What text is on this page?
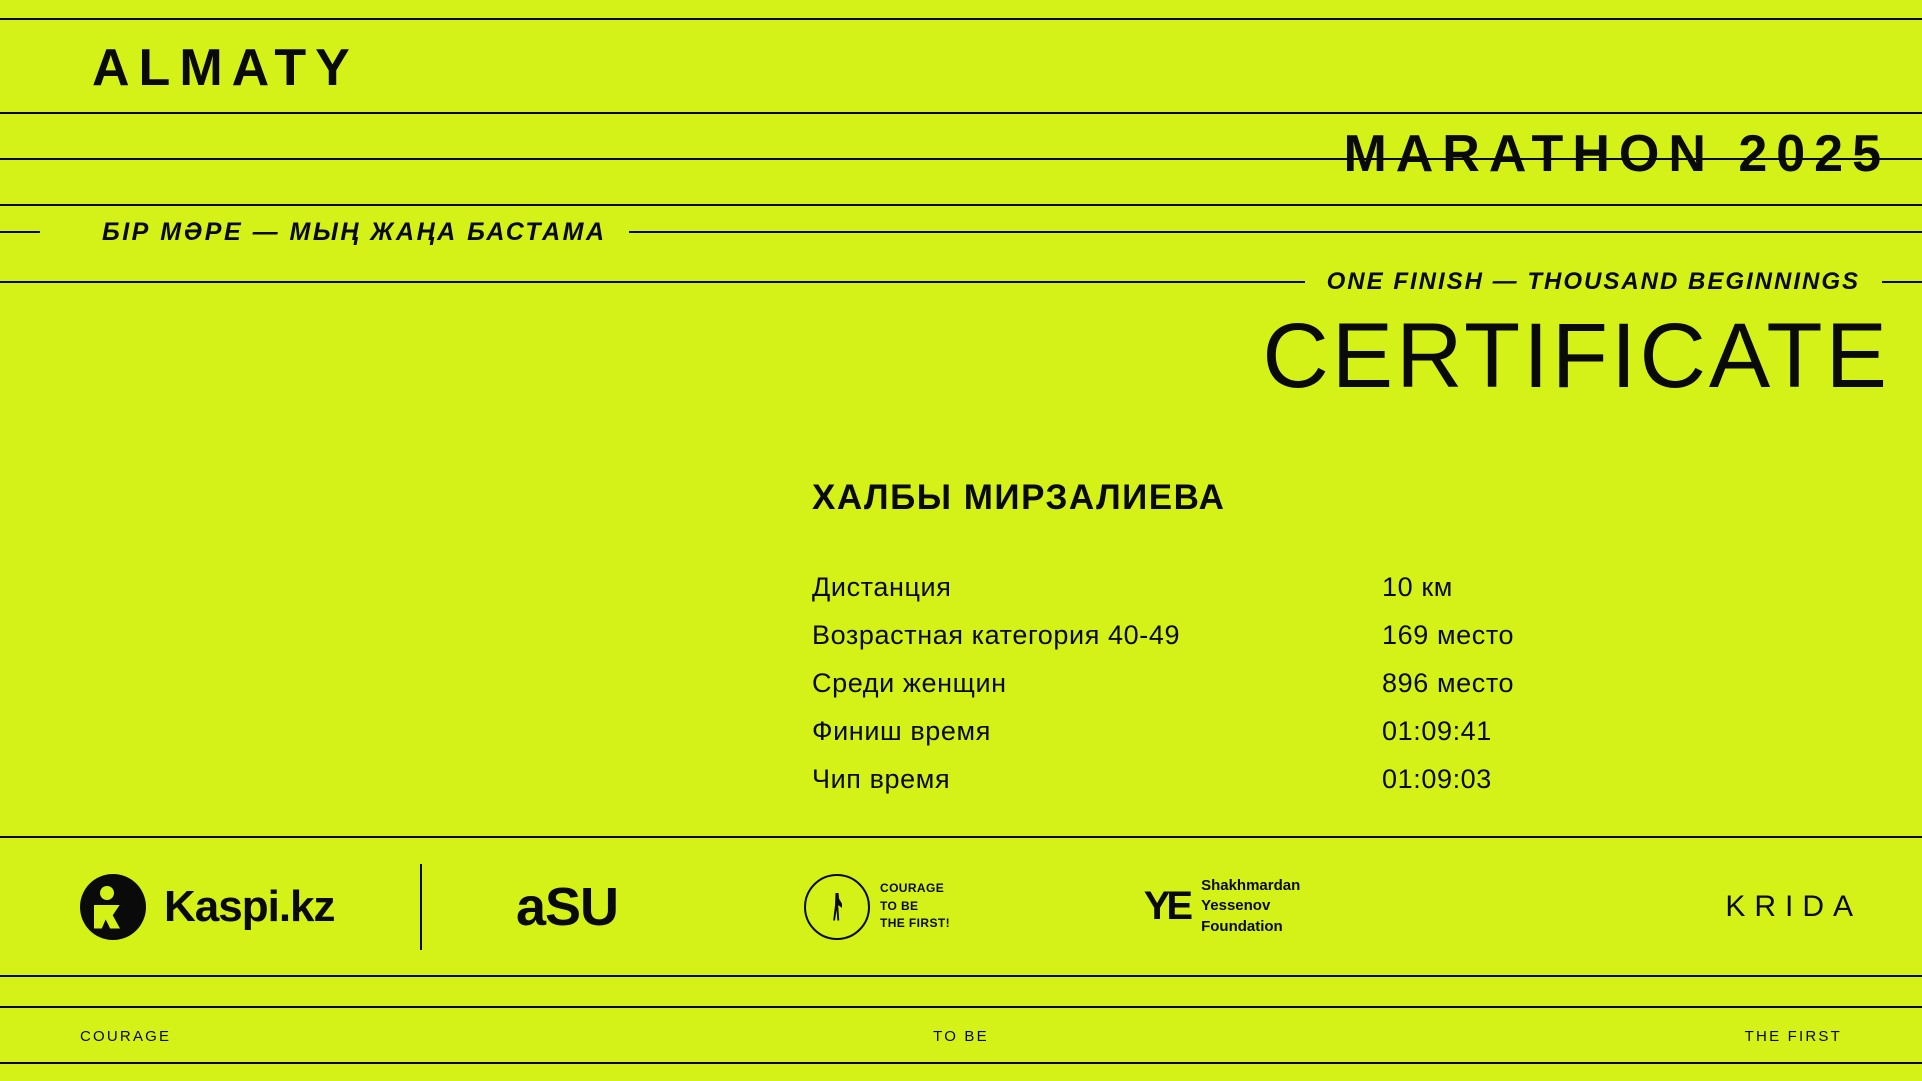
ALMATY
MARATHON 2025
БІР МӘРЕ — МЫҢ ЖАҢА БАСТАМА
ONE FINISH — THOUSAND BEGINNINGS
CERTIFICATE
ХАЛБЫ МИРЗАЛИЕВА
Дистанция	10 км
Возрастная категория 40-49	169 место
Среди женщин	896 место
Финиш время	01:09:41
Чип время	01:09:03
Kaspi.kz	aSU	COURAGE
TO BE
THE FIRST!	YE Shakhmardan
Yessenov
Foundation
KRIDA
COURAGE	TO BE	THE FIRST
